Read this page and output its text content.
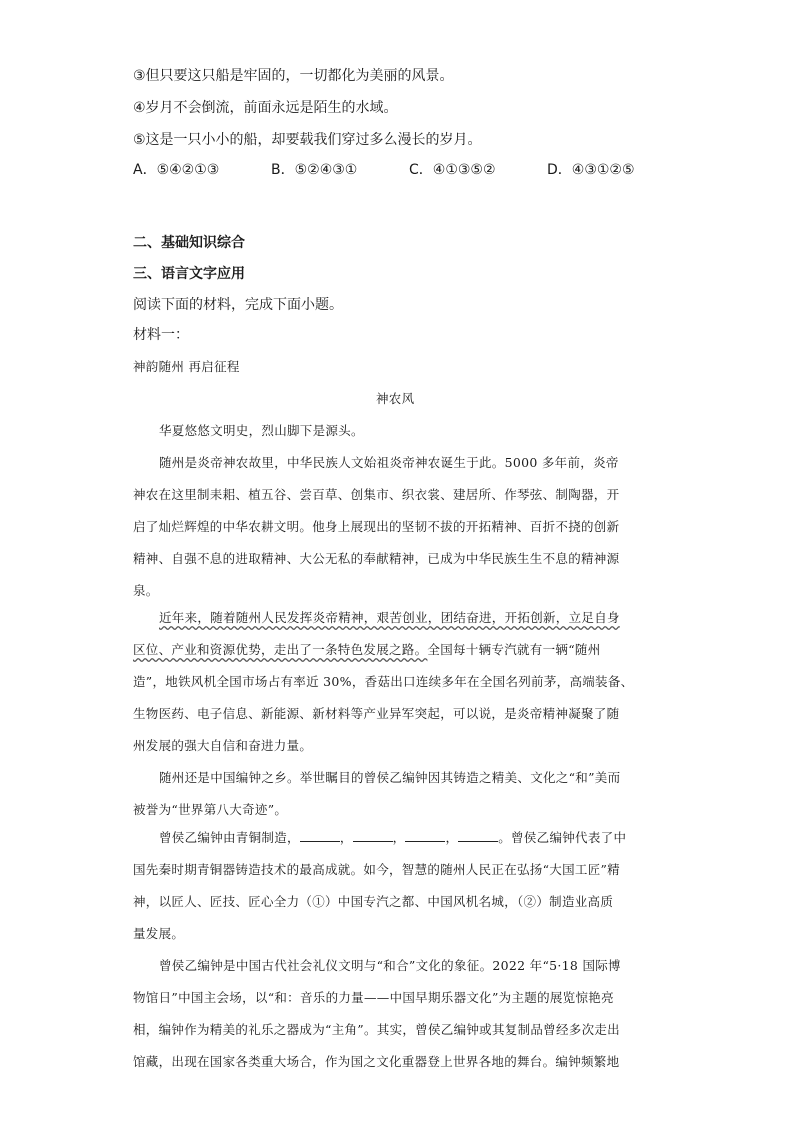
③但只要这只船是牢固的，一切都化为美丽的风景。
④岁月不会倒流，前面永远是陌生的水域。
⑤这是一只小小的船，却要载我们穿过多么漫长的岁月。
A．⑤④②①③	B．⑤②④③①	C．④①③⑤②	D．④③①②⑤
二、基础知识综合
三、语言文字应用
阅读下面的材料，完成下面小题。
材料一：
神韵随州 再启征程
神农风
华夏悠悠文明史，烈山脚下是源头。
随州是炎帝神农故里，中华民族人文始祖炎帝神农诞生于此。5000 多年前，炎帝
神农在这里制耒耜、植五谷、尝百草、创集市、织衣裳、建居所、作琴弦、制陶器，开
启了灿烂辉煌的中华农耕文明。他身上展现出的坚韧不拔的开拓精神、百折不挠的创新
精神、自强不息的进取精神、大公无私的奉献精神，已成为中华民族生生不息的精神源
泉。
近年来，随着随州人民发挥炎帝精神，艰苦创业，团结奋进，开拓创新，立足自身
区位、产业和资源优势，走出了一条特色发展之路。全国每十辆专汽就有一辆“随州
造”，地铁风机全国市场占有率近 30%，香菇出口连续多年在全国名列前茅，高端装备、
生物医药、电子信息、新能源、新材料等产业异军突起，可以说，是炎帝精神凝聚了随
州发展的强大自信和奋进力量。
随州还是中国编钟之乡。举世瞩目的曾侯乙编钟因其铸造之精美、文化之“和”美而
被誉为“世界第八大奇迹”。
曾侯乙编钟由青铜制造，	，	，	，	。曾侯乙编钟代表了中
国先秦时期青铜器铸造技术的最高成就。如今，智慧的随州人民正在弘扬“大国工匠”精
神，以匠人、匠技、匠心全力（①）中国专汽之都、中国风机名城，（②）制造业高质
量发展。
曾侯乙编钟是中国古代社会礼仪文明与“和合”文化的象征。2022 年“5·18 国际博
物馆日”中国主会场，以“和：音乐的力量——中国早期乐器文化”为主题的展览惊艳亮
相，编钟作为精美的礼乐之器成为“主角”。其实，曾侯乙编钟或其复制品曾经多次走出
馆藏，出现在国家各类重大场合，作为国之文化重器登上世界各地的舞台。编钟频繁地
